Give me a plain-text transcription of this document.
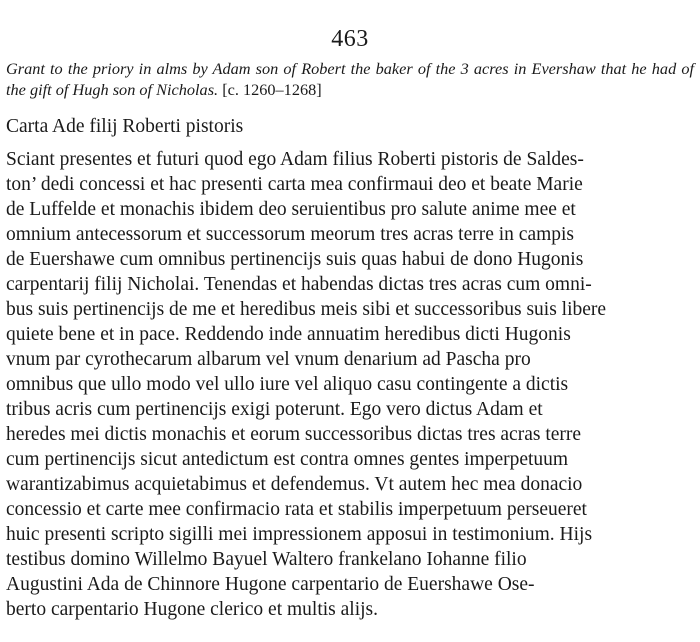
463
Grant to the priory in alms by Adam son of Robert the baker of the 3 acres in Evershaw that he had of the gift of Hugh son of Nicholas. [c. 1260–1268]
Carta Ade filij Roberti pistoris
Sciant presentes et futuri quod ego Adam filius Roberti pistoris de Saldes-
ton’ dedi concessi et hac presenti carta mea confirmaui deo et beate Marie
de Luffelde et monachis ibidem deo seruientibus pro salute anime mee et
omnium antecessorum et successorum meorum tres acras terre in campis
de Euershawe cum omnibus pertinencijs suis quas habui de dono Hugonis
carpentarij filij Nicholai. Tenendas et habendas dictas tres acras cum omni-
bus suis pertinencijs de me et heredibus meis sibi et successoribus suis libere
quiete bene et in pace. Reddendo inde annuatim heredibus dicti Hugonis
vnum par cyrothecarum albarum vel vnum denarium ad Pascha pro
omnibus que ullo modo vel ullo iure vel aliquo casu contingente a dictis
tribus acris cum pertinencijs exigi poterunt. Ego vero dictus Adam et
heredes mei dictis monachis et eorum successoribus dictas tres acras terre
cum pertinencijs sicut antedictum est contra omnes gentes imperpetuum
warantizabimus acquietabimus et defendemus. Vt autem hec mea donacio
concessio et carte mee confirmacio rata et stabilis imperpetuum perseueret
huic presenti scripto sigilli mei impressionem apposui in testimonium. Hijs
testibus domino Willelmo Bayuel Waltero frankelano Iohanne filio
Augustini Ada de Chinnore Hugone carpentario de Euershawe Ose-
berto carpentario Hugone clerico et multis alijs.
